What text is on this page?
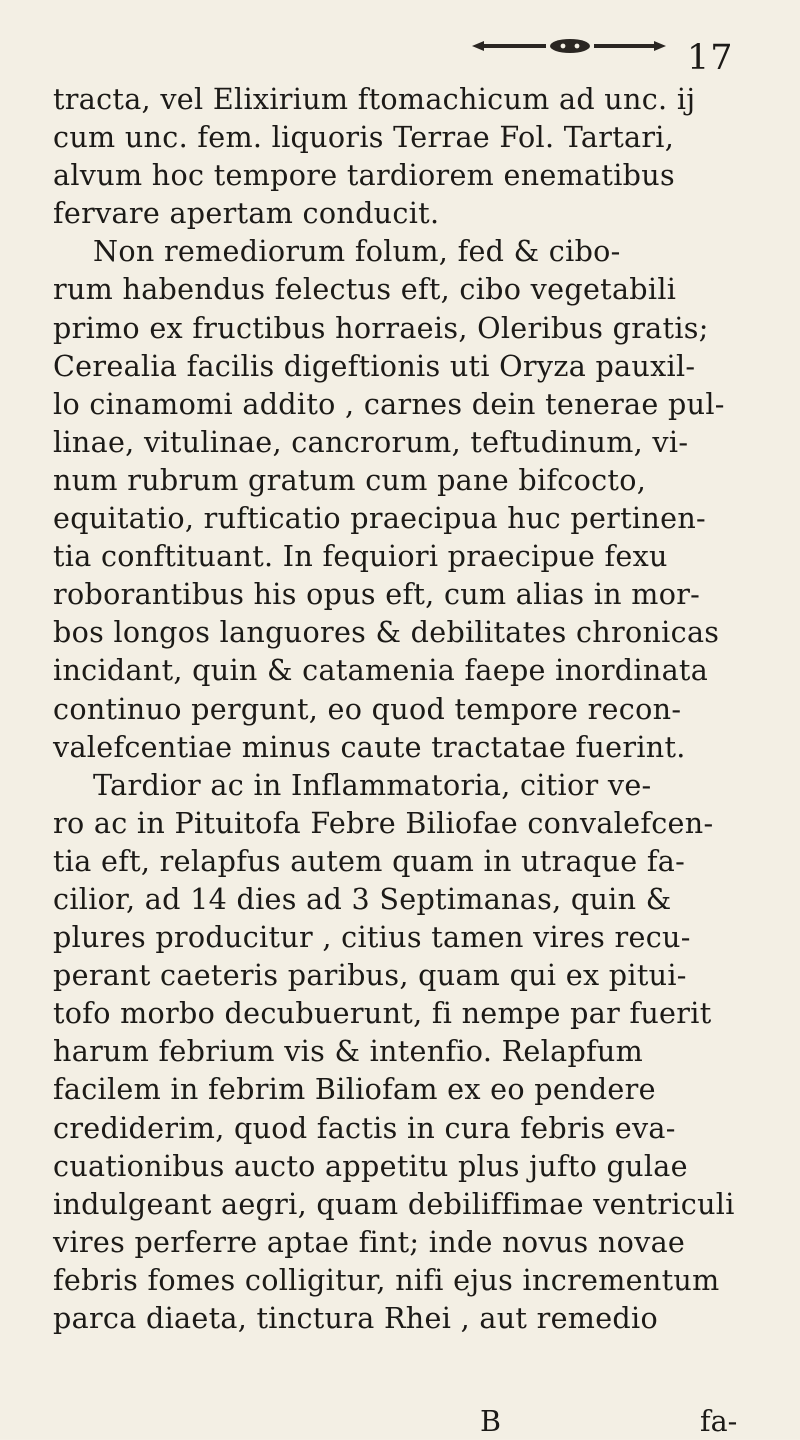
17
tracta, vel Elixirium ftomachicum ad unc. ij
cum unc. fem. liquoris Terrae Fol. Tartari,
alvum hoc tempore tardiorem enematibus
fervare apertam conducit.
Non remediorum folum, fed & cibo-
rum habendus felectus eft, cibo vegetabili
primo ex fructibus horraeis, Oleribus gratis;
Cerealia facilis digeftionis uti Oryza pauxil-
lo cinamomi addito , carnes dein tenerae pul-
linae, vitulinae, cancrorum, teftudinum, vi-
num rubrum gratum cum pane bifcocto,
equitatio, rufticatio praecipua huc pertinen-
tia conftituant. In fequiori praecipue fexu
roborantibus his opus eft, cum alias in mor-
bos longos languores & debilitates chronicas
incidant, quin & catamenia faepe inordinata
continuo pergunt, eo quod tempore recon-
valefcentiae minus caute tractatae fuerint.
Tardior ac in Inflammatoria, citior ve-
ro ac in Pituitofa Febre Biliofae convalefcen-
tia eft, relapfus autem quam in utraque fa-
cilior, ad 14 dies ad 3 Septimanas, quin &
plures producitur , citius tamen vires recu-
perant caeteris paribus, quam qui ex pitui-
tofo morbo decubuerunt, fi nempe par fuerit
harum febrium vis & intenfio. Relapfum
facilem in febrim Biliofam ex eo pendere
crediderim, quod factis in cura febris eva-
cuationibus aucto appetitu plus jufto gulae
indulgeant aegri, quam debiliffimae ventriculi
vires perferre aptae fint; inde novus novae
febris fomes colligitur, nifi ejus incrementum
parca diaeta, tinctura Rhei , aut remedio
B	fa-
